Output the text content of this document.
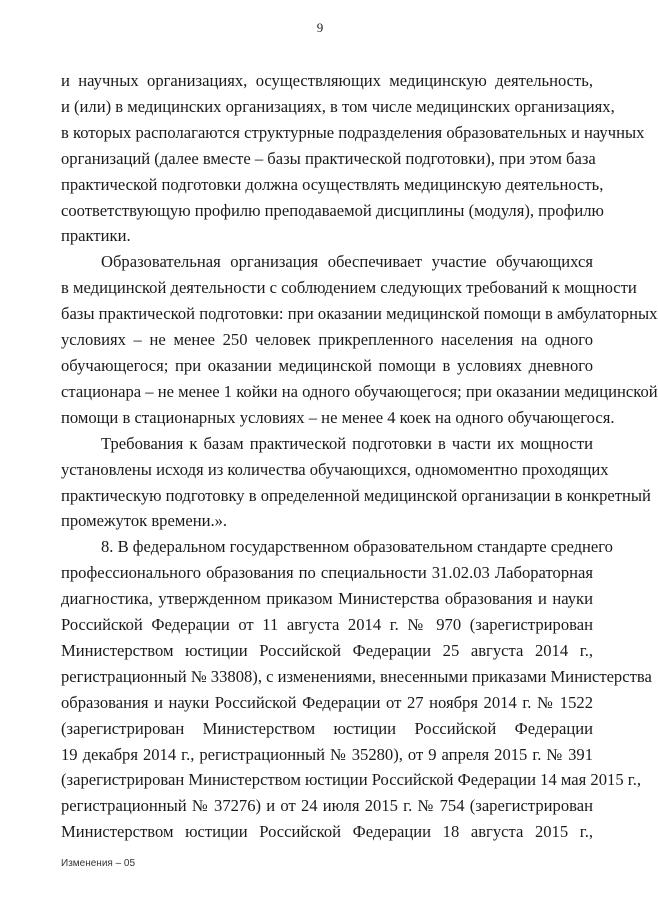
9
и научных организациях, осуществляющих медицинскую деятельность,
и (или) в медицинских организациях, в том числе медицинских организациях,
в которых располагаются структурные подразделения образовательных и научных
организаций (далее вместе – базы практической подготовки), при этом база
практической подготовки должна осуществлять медицинскую деятельность,
соответствующую профилю преподаваемой дисциплины (модуля), профилю
практики.
Образовательная организация обеспечивает участие обучающихся
в медицинской деятельности с соблюдением следующих требований к мощности
базы практической подготовки: при оказании медицинской помощи в амбулаторных
условиях – не менее 250 человек прикрепленного населения на одного
обучающегося; при оказании медицинской помощи в условиях дневного
стационара – не менее 1 койки на одного обучающегося; при оказании медицинской
помощи в стационарных условиях – не менее 4 коек на одного обучающегося.
Требования к базам практической подготовки в части их мощности
установлены исходя из количества обучающихся, одномоментно проходящих
практическую подготовку в определенной медицинской организации в конкретный
промежуток времени.».
8. В федеральном государственном образовательном стандарте среднего
профессионального образования по специальности 31.02.03 Лабораторная
диагностика, утвержденном приказом Министерства образования и науки
Российской Федерации от 11 августа 2014 г. № 970 (зарегистрирован
Министерством юстиции Российской Федерации 25 августа 2014 г.,
регистрационный № 33808), с изменениями, внесенными приказами Министерства
образования и науки Российской Федерации от 27 ноября 2014 г. № 1522
(зарегистрирован Министерством юстиции Российской Федерации
19 декабря 2014 г., регистрационный № 35280), от 9 апреля 2015 г. № 391
(зарегистрирован Министерством юстиции Российской Федерации 14 мая 2015 г.,
регистрационный № 37276) и от 24 июля 2015 г. № 754 (зарегистрирован
Министерством юстиции Российской Федерации 18 августа 2015 г.,
Изменения – 05
